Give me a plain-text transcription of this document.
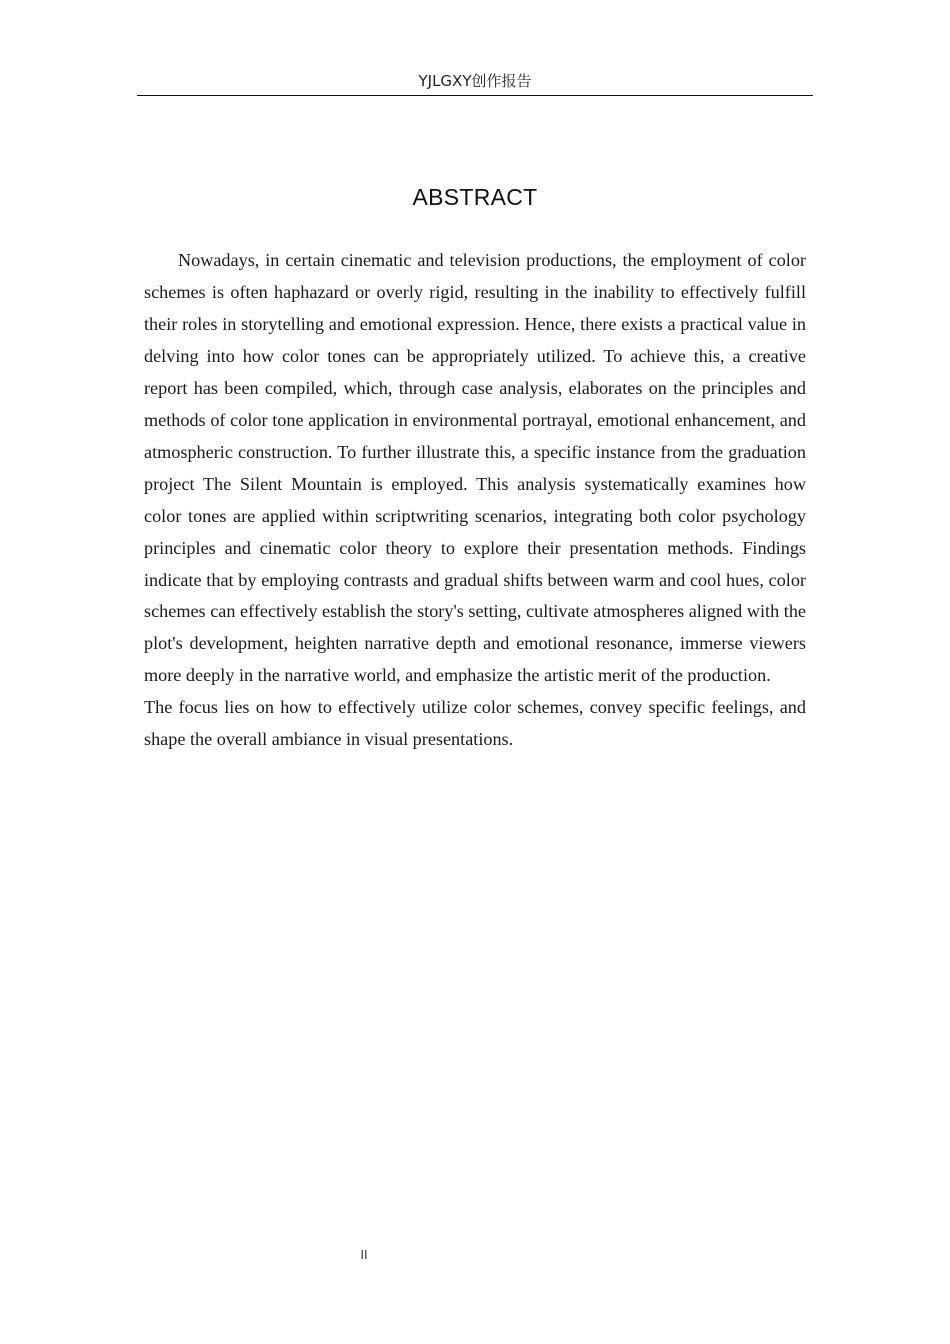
YJLGXY创作报告
ABSTRACT

Nowadays, in certain cinematic and television productions, the employment of color schemes is often haphazard or overly rigid, resulting in the inability to effectively fulfill their roles in storytelling and emotional expression. Hence, there exists a practical value in delving into how color tones can be appropriately utilized. To achieve this, a creative report has been compiled, which, through case analysis, elaborates on the principles and methods of color tone application in environmental portrayal, emotional enhancement, and atmospheric construction. To further illustrate this, a specific instance from the graduation project The Silent Mountain is employed. This analysis systematically examines how color tones are applied within scriptwriting scenarios, integrating both color psychology principles and cinematic color theory to explore their presentation methods. Findings indicate that by employing contrasts and gradual shifts between warm and cool hues, color schemes can effectively establish the story's setting, cultivate atmospheres aligned with the plot's development, heighten narrative depth and emotional resonance, immerse viewers more deeply in the narrative world, and emphasize the artistic merit of the production.

The focus lies on how to effectively utilize color schemes, convey specific feelings, and shape the overall ambiance in visual presentations.

II
